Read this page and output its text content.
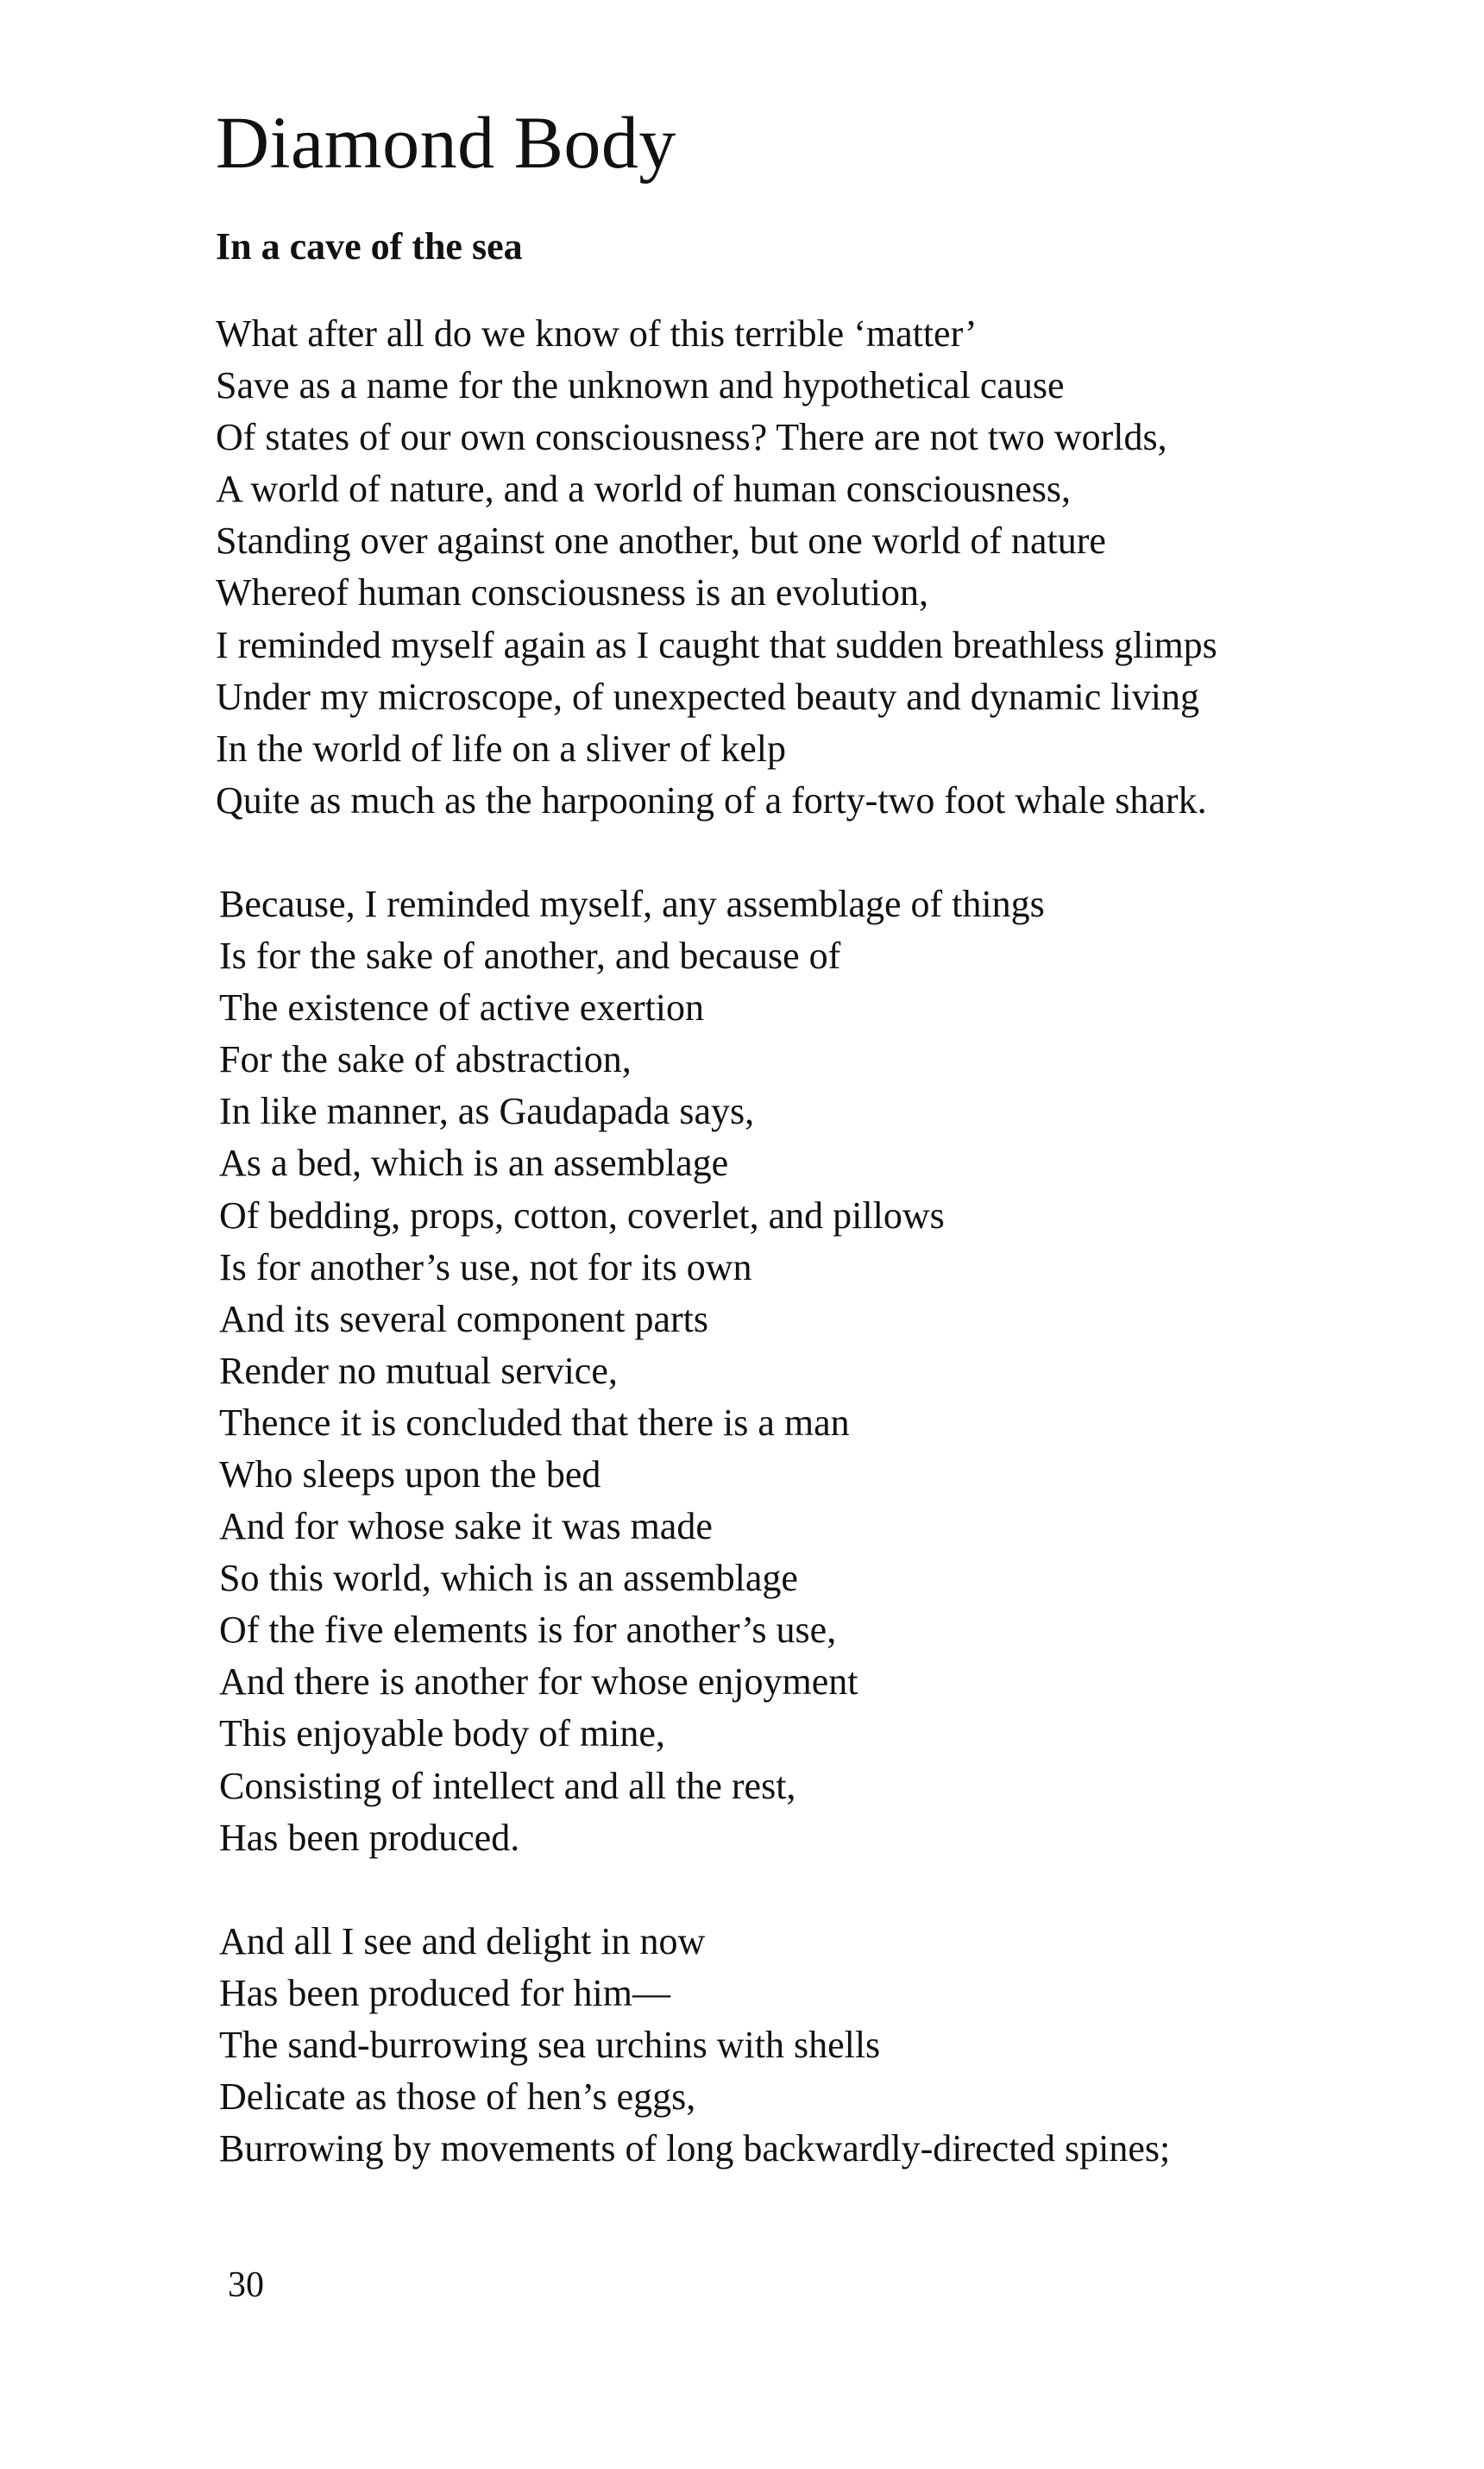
Diamond Body
In a cave of the sea
What after all do we know of this terrible ‘matter’
Save as a name for the unknown and hypothetical cause
Of states of our own consciousness? There are not two worlds,
A world of nature, and a world of human consciousness,
Standing over against one another, but one world of nature
Whereof human consciousness is an evolution,
I reminded myself again as I caught that sudden breathless glimps
Under my microscope, of unexpected beauty and dynamic living
In the world of life on a sliver of kelp
Quite as much as the harpooning of a forty-two foot whale shark.
Because, I reminded myself, any assemblage of things
Is for the sake of another, and because of
The existence of active exertion
For the sake of abstraction,
In like manner, as Gaudapada says,
As a bed, which is an assemblage
Of bedding, props, cotton, coverlet, and pillows
Is for another’s use, not for its own
And its several component parts
Render no mutual service,
Thence it is concluded that there is a man
Who sleeps upon the bed
And for whose sake it was made
So this world, which is an assemblage
Of the five elements is for another’s use,
And there is another for whose enjoyment
This enjoyable body of mine,
Consisting of intellect and all the rest,
Has been produced.
And all I see and delight in now
Has been produced for him—
The sand-burrowing sea urchins with shells
Delicate as those of hen’s eggs,
Burrowing by movements of long backwardly-directed spines;
30
